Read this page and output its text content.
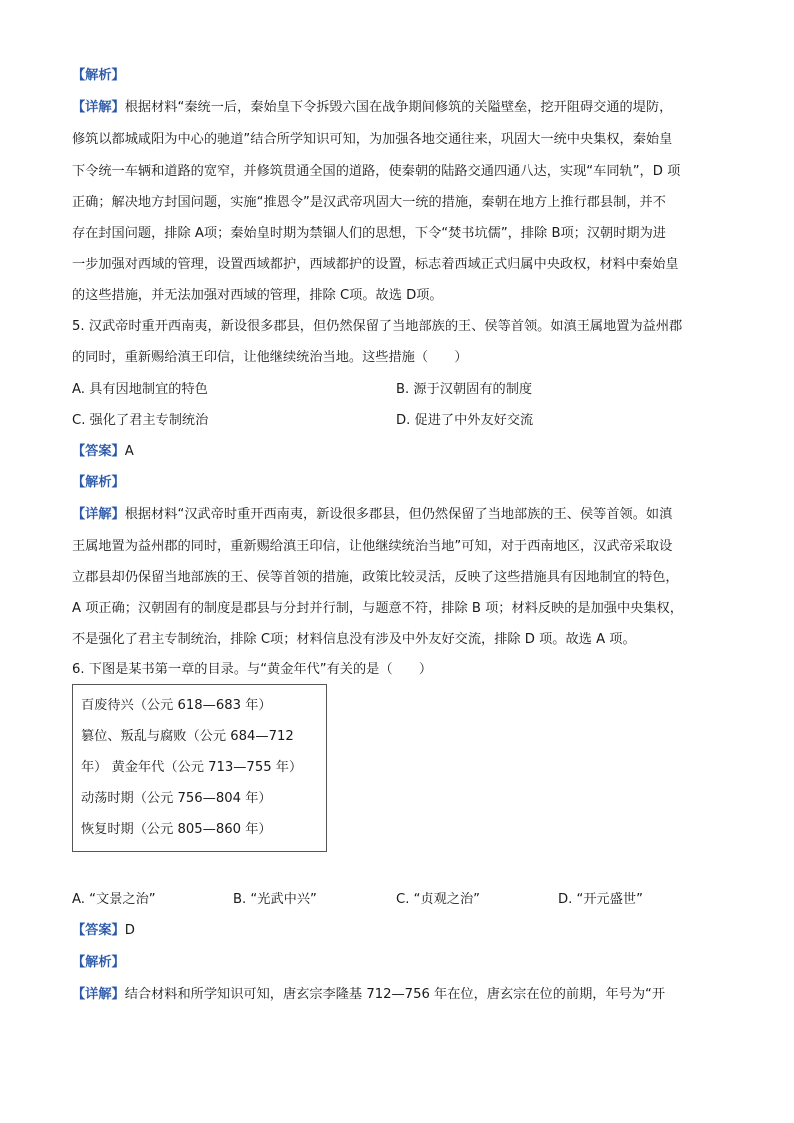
【解析】
【详解】根据材料“秦统一后，秦始皇下令拆毁六国在战争期间修筑的关隘壁垒，挖开阻碍交通的堤防，
修筑以都城咸阳为中心的驰道”结合所学知识可知，为加强各地交通往来，巩固大一统中央集权，秦始皇
下令统一车辆和道路的宽窄，并修筑贯通全国的道路，使秦朝的陆路交通四通八达，实现“车同轨”，D 项
正确；解决地方封国问题，实施“推恩令”是汉武帝巩固大一统的措施，秦朝在地方上推行郡县制，并不
存在封国问题，排除 A项；秦始皇时期为禁锢人们的思想，下令“焚书坑儒”，排除 B项；汉朝时期为进
一步加强对西域的管理，设置西域都护，西域都护的设置，标志着西域正式归属中央政权，材料中秦始皇
的这些措施，并无法加强对西域的管理，排除 C项。故选 D项。
5. 汉武帝时重开西南夷，新设很多郡县，但仍然保留了当地部族的王、侯等首领。如滇王属地置为益州郡
的同时，重新赐给滇王印信，让他继续统治当地。这些措施（　　）
A. 具有因地制宜的特色	B. 源于汉朝固有的制度
C. 强化了君主专制统治	D. 促进了中外友好交流
【答案】A
【解析】
【详解】根据材料“汉武帝时重开西南夷，新设很多郡县，但仍然保留了当地部族的王、侯等首领。如滇
王属地置为益州郡的同时，重新赐给滇王印信，让他继续统治当地”可知，对于西南地区，汉武帝采取设
立郡县却仍保留当地部族的王、侯等首领的措施，政策比较灵活，反映了这些措施具有因地制宜的特色，
A 项正确；汉朝固有的制度是郡县与分封并行制，与题意不符，排除 B 项；材料反映的是加强中央集权，
不是强化了君主专制统治，排除 C项；材料信息没有涉及中外友好交流，排除 D 项。故选 A 项。
6. 下图是某书第一章的目录。与“黄金年代”有关的是（　　）
A. “文景之治”	B. “光武中兴”	C. “贞观之治”	D. “开元盛世”
【答案】D
【解析】
【详解】结合材料和所学知识可知，唐玄宗李隆基 712—756 年在位，唐玄宗在位的前期，年号为“开
百废待兴（公元 618—683 年）
篡位、叛乱与腐败（公元 684—712
年） 黄金年代（公元 713—755 年）
动荡时期（公元 756—804 年）
恢复时期（公元 805—860 年）
